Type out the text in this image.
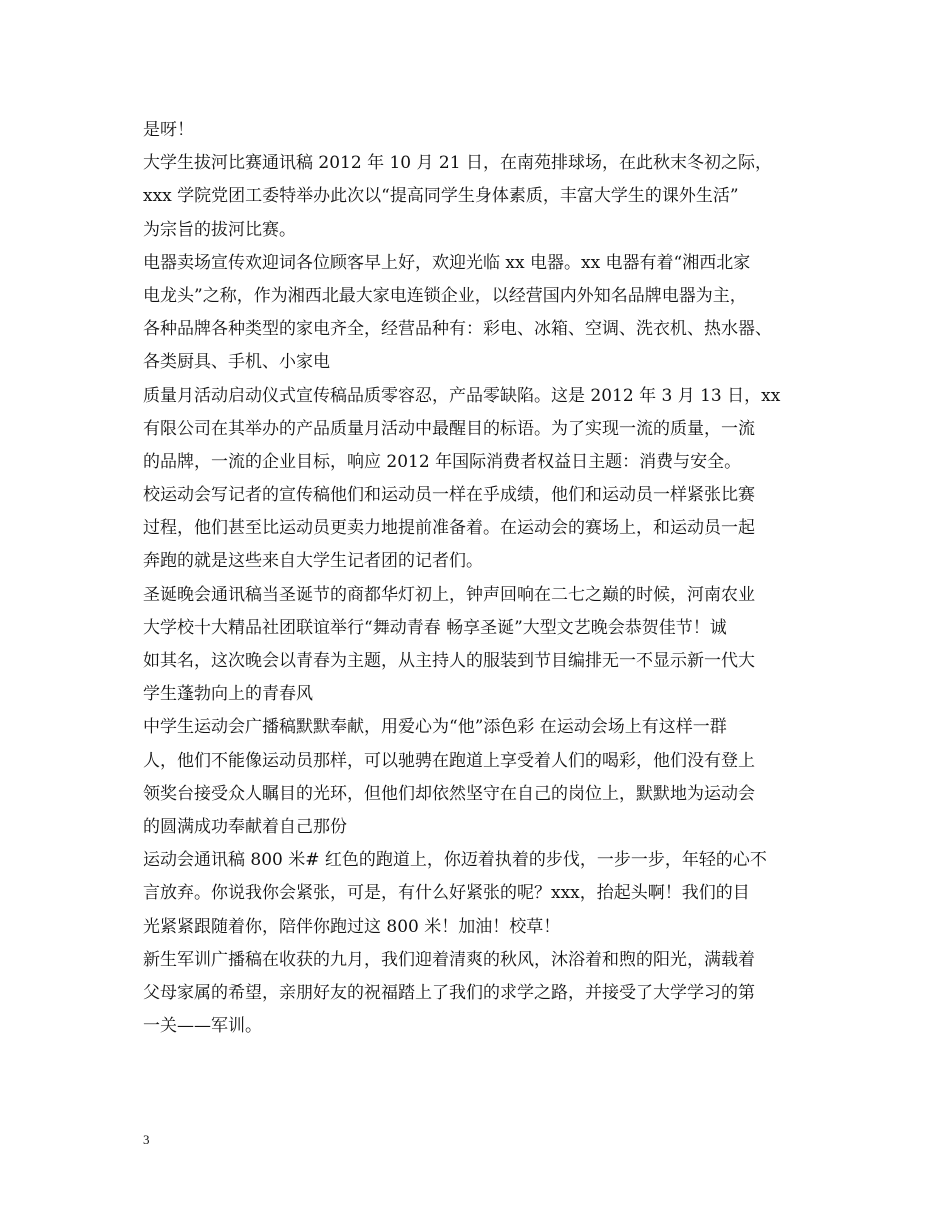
是呀！
大学生拔河比赛通讯稿 2012 年 10 月 21 日，在南苑排球场，在此秋末冬初之际，
xxx 学院党团工委特举办此次以“提高同学生身体素质，丰富大学生的课外生活”
为宗旨的拔河比赛。
电器卖场宣传欢迎词各位顾客早上好，欢迎光临 xx 电器。xx 电器有着“湘西北家
电龙头”之称，作为湘西北最大家电连锁企业，以经营国内外知名品牌电器为主，
各种品牌各种类型的家电齐全，经营品种有：彩电、冰箱、空调、洗衣机、热水器、
各类厨具、手机、小家电
质量月活动启动仪式宣传稿品质零容忍，产品零缺陷。这是 2012 年 3 月 13 日，xx
有限公司在其举办的产品质量月活动中最醒目的标语。为了实现一流的质量，一流
的品牌，一流的企业目标，响应 2012 年国际消费者权益日主题：消费与安全。
校运动会写记者的宣传稿他们和运动员一样在乎成绩，他们和运动员一样紧张比赛
过程，他们甚至比运动员更卖力地提前准备着。在运动会的赛场上，和运动员一起
奔跑的就是这些来自大学生记者团的记者们。
圣诞晚会通讯稿当圣诞节的商都华灯初上，钟声回响在二七之巅的时候，河南农业
大学校十大精品社团联谊举行“舞动青春 畅享圣诞”大型文艺晚会恭贺佳节！诚
如其名，这次晚会以青春为主题，从主持人的服装到节目编排无一不显示新一代大
学生蓬勃向上的青春风
中学生运动会广播稿默默奉献，用爱心为“他”添色彩 在运动会场上有这样一群
人，他们不能像运动员那样，可以驰骋在跑道上享受着人们的喝彩，他们没有登上
领奖台接受众人瞩目的光环，但他们却依然坚守在自己的岗位上，默默地为运动会
的圆满成功奉献着自己那份
运动会通讯稿 800 米# 红色的跑道上，你迈着执着的步伐，一步一步，年轻的心不
言放弃。你说我你会紧张，可是，有什么好紧张的呢？xxx，抬起头啊！我们的目
光紧紧跟随着你，陪伴你跑过这 800 米！加油！校草！
新生军训广播稿在收获的九月，我们迎着清爽的秋风，沐浴着和煦的阳光，满载着
父母家属的希望，亲朋好友的祝福踏上了我们的求学之路，并接受了大学学习的第
一关——军训。
3
